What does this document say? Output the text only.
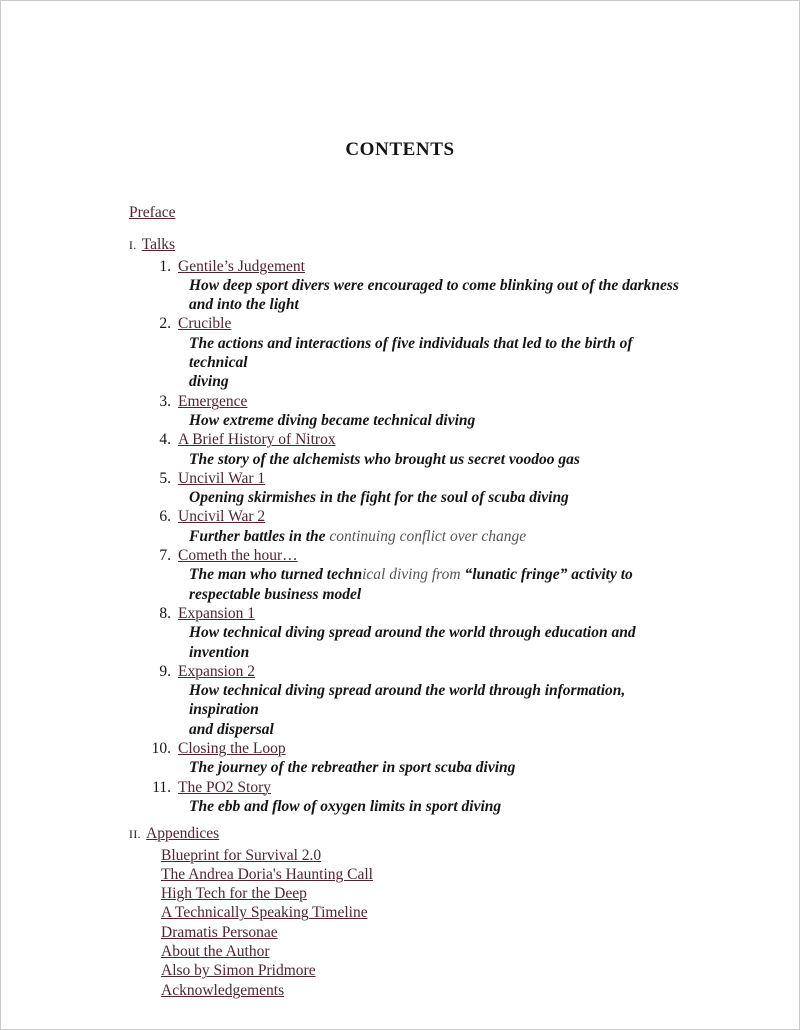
CONTENTS

Preface

I. Talks

1. Gentile’s Judgement
How deep sport divers were encouraged to come blinking out of the darkness
and into the light
2. Crucible
The actions and interactions of five individuals that led to the birth of technical
diving
3. Emergence
How extreme diving became technical diving
4. A Brief History of Nitrox
The story of the alchemists who brought us secret voodoo gas
5. Uncivil War 1
Opening skirmishes in the fight for the soul of scuba diving
6. Uncivil War 2
Further battles in the continuing conflict over change
7. Cometh the hour…
The man who turned technical diving from “lunatic fringe” activity to
respectable business model
8. Expansion 1
How technical diving spread around the world through education and invention
9. Expansion 2
How technical diving spread around the world through information, inspiration
and dispersal
10. Closing the Loop
The journey of the rebreather in sport scuba diving
11. The PO2 Story
The ebb and flow of oxygen limits in sport diving

II. Appendices

Blueprint for Survival 2.0
The Andrea Doria's Haunting Call
High Tech for the Deep
A Technically Speaking Timeline
Dramatis Personae
About the Author
Also by Simon Pridmore
Acknowledgements
